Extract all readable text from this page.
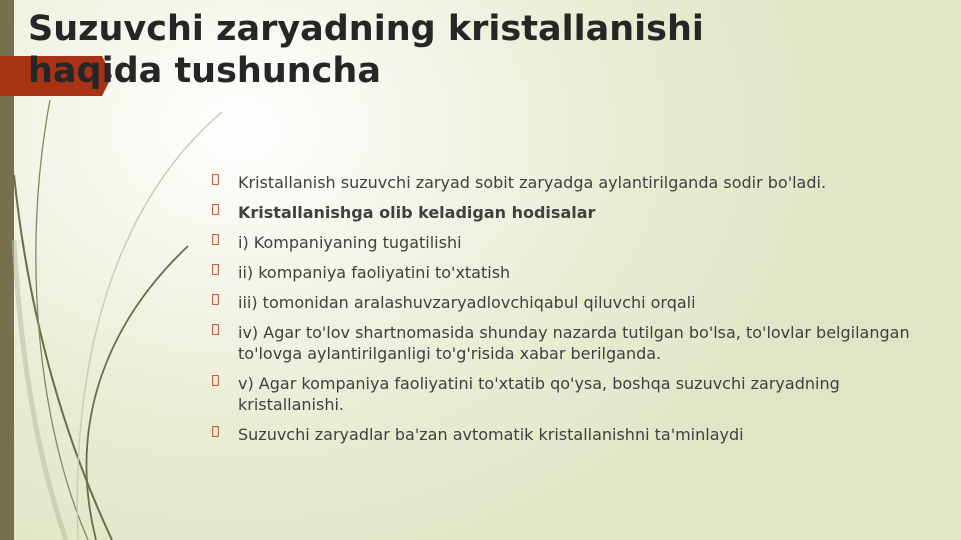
Suzuvchi zaryadning kristallanishi haqida tushuncha
Kristallanish suzuvchi zaryad sobit zaryadga aylantirilganda sodir bo'ladi.
Kristallanishga olib keladigan hodisalar
i) Kompaniyaning tugatilishi
ii) kompaniya faoliyatini to'xtatish
iii) tomonidan aralashuvzaryadlovchiqabul qiluvchi orqali
iv) Agar to'lov shartnomasida shunday nazarda tutilgan bo'lsa, to'lovlar belgilangan to'lovga aylantirilganligi to'g'risida xabar berilganda.
v) Agar kompaniya faoliyatini to'xtatib qo'ysa, boshqa suzuvchi zaryadning kristallanishi.
Suzuvchi zaryadlar ba'zan avtomatik kristallanishni ta'minlaydi
